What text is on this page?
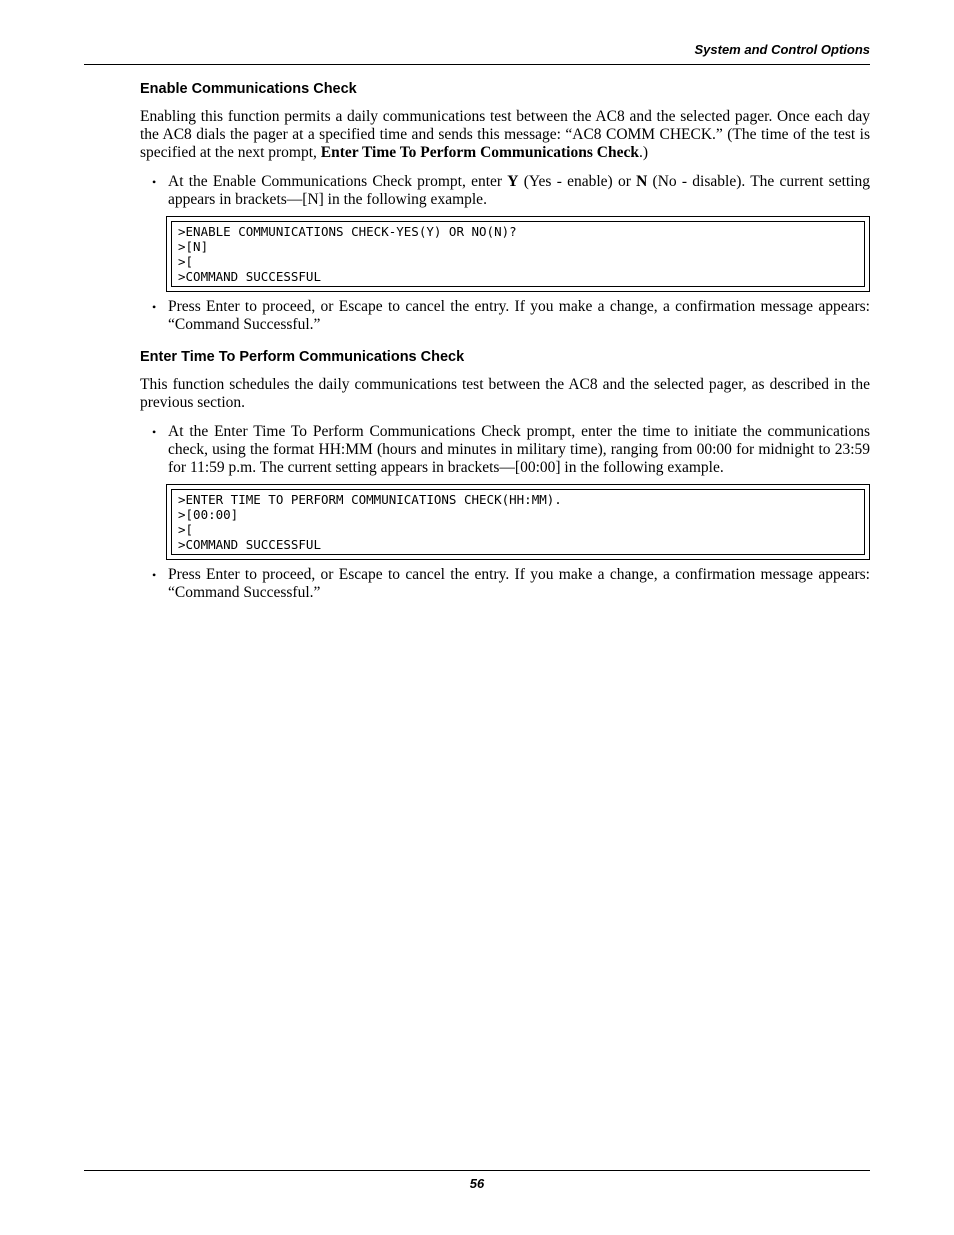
System and Control Options
Enable Communications Check

Enabling this function permits a daily communications test between the AC8 and the selected pager. Once each day the AC8 dials the pager at a specified time and sends this message: “AC8 COMM CHECK.” (The time of the test is specified at the next prompt, Enter Time To Perform Communications Check.)

• At the Enable Communications Check prompt, enter Y (Yes - enable) or N (No - disable). The current setting appears in brackets—[N] in the following example.

>ENABLE COMMUNICATIONS CHECK-YES(Y) OR NO(N)?
>[N]
>[
>COMMAND SUCCESSFUL
• Press Enter to proceed, or Escape to cancel the entry. If you make a change, a confirmation message appears: “Command Successful.”

Enter Time To Perform Communications Check

This function schedules the daily communications test between the AC8 and the selected pager, as described in the previous section.

• At the Enter Time To Perform Communications Check prompt, enter the time to initiate the communications check, using the format HH:MM (hours and minutes in military time), ranging from 00:00 for midnight to 23:59 for 11:59 p.m. The current setting appears in brackets—[00:00] in the following example.

>ENTER TIME TO PERFORM COMMUNICATIONS CHECK(HH:MM).
>[00:00]
>[
>COMMAND SUCCESSFUL
• Press Enter to proceed, or Escape to cancel the entry. If you make a change, a confirmation message appears: “Command Successful.”

56
